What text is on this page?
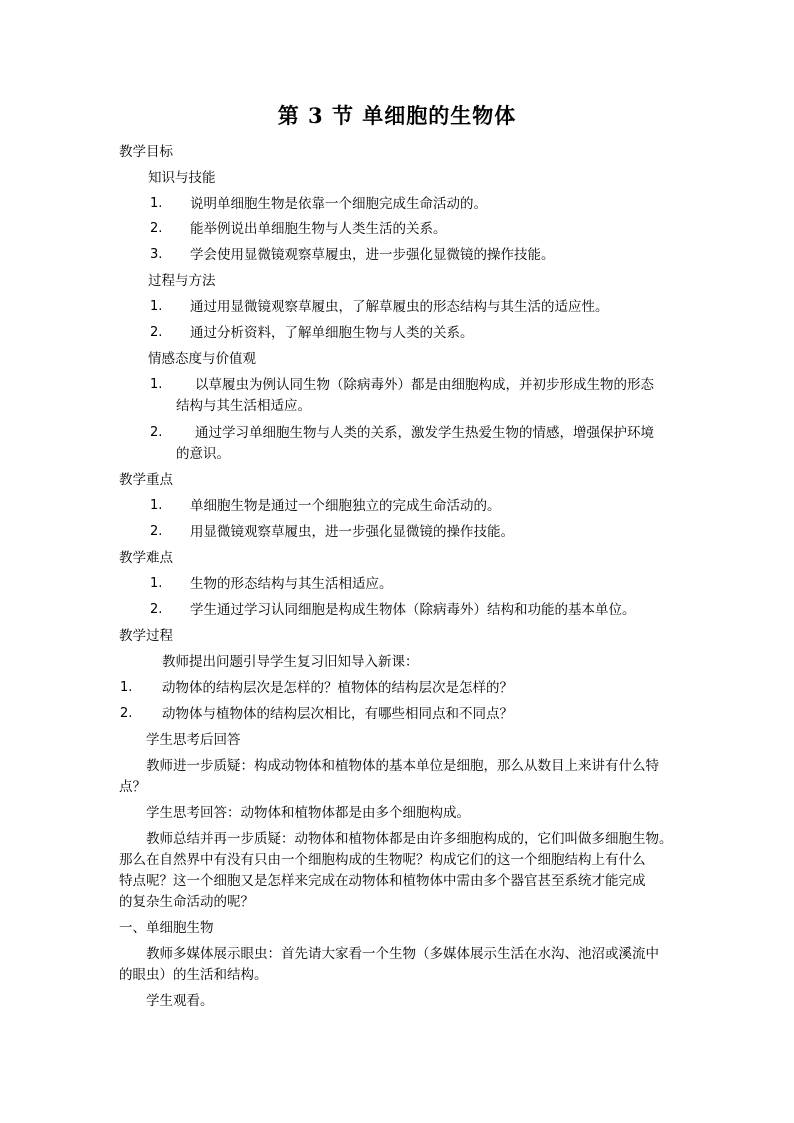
第 3 节 单细胞的生物体
教学目标
知识与技能
1. 说明单细胞生物是依靠一个细胞完成生命活动的。
2. 能举例说出单细胞生物与人类生活的关系。
3. 学会使用显微镜观察草履虫，进一步强化显微镜的操作技能。
过程与方法
1. 通过用显微镜观察草履虫，了解草履虫的形态结构与其生活的适应性。
2. 通过分析资料，了解单细胞生物与人类的关系。
情感态度与价值观
1. 以草履虫为例认同生物（除病毒外）都是由细胞构成，并初步形成生物的形态
结构与其生活相适应。
2. 通过学习单细胞生物与人类的关系，激发学生热爱生物的情感，增强保护环境
的意识。
教学重点
1. 单细胞生物是通过一个细胞独立的完成生命活动的。
2. 用显微镜观察草履虫，进一步强化显微镜的操作技能。
教学难点
1. 生物的形态结构与其生活相适应。
2. 学生通过学习认同细胞是构成生物体（除病毒外）结构和功能的基本单位。
教学过程
教师提出问题引导学生复习旧知导入新课：
1. 动物体的结构层次是怎样的？植物体的结构层次是怎样的？
2. 动物体与植物体的结构层次相比，有哪些相同点和不同点？
学生思考后回答
教师进一步质疑：构成动物体和植物体的基本单位是细胞，那么从数目上来讲有什么特
点？
学生思考回答：动物体和植物体都是由多个细胞构成。
教师总结并再一步质疑：动物体和植物体都是由许多细胞构成的，它们叫做多细胞生物。
那么在自然界中有没有只由一个细胞构成的生物呢？构成它们的这一个细胞结构上有什么
特点呢？这一个细胞又是怎样来完成在动物体和植物体中需由多个器官甚至系统才能完成
的复杂生命活动的呢？
一、单细胞生物
教师多媒体展示眼虫：首先请大家看一个生物（多媒体展示生活在水沟、池沼或溪流中
的眼虫）的生活和结构。
学生观看。
